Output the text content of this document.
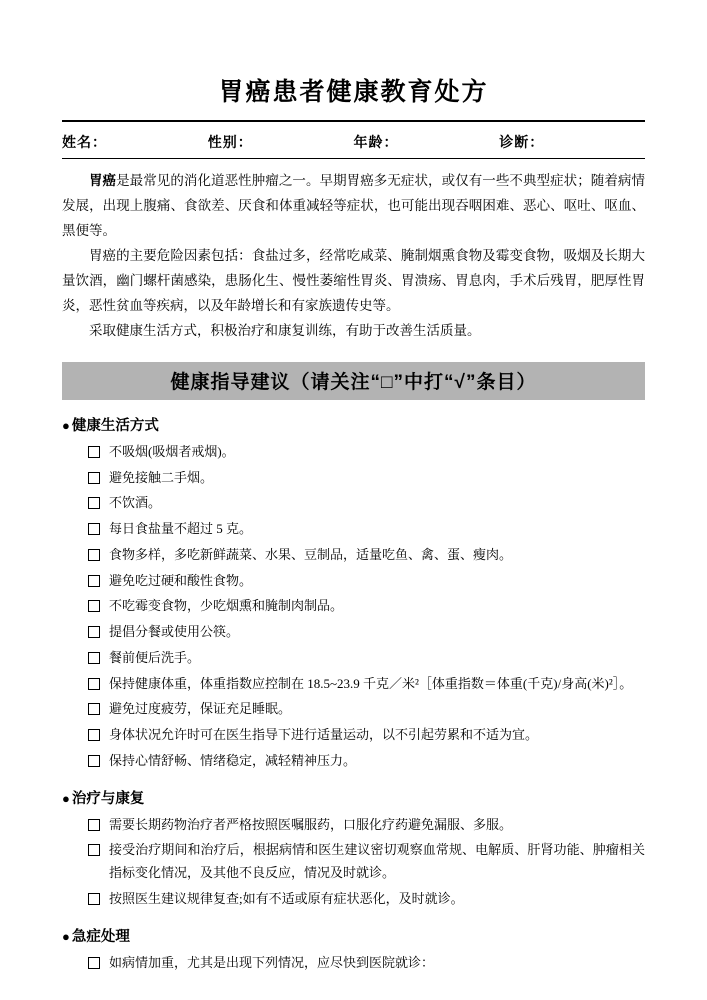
胃癌患者健康教育处方
姓名：	性别：	年龄：	诊断：

胃癌是最常见的消化道恶性肿瘤之一。早期胃癌多无症状，或仅有一些不典型症状；随着病情发展，出现上腹痛、食欲差、厌食和体重减轻等症状，也可能出现吞咽困难、恶心、呕吐、呕血、黑便等。

胃癌的主要危险因素包括：食盐过多，经常吃咸菜、腌制烟熏食物及霉变食物，吸烟及长期大量饮酒，幽门螺杆菌感染，患肠化生、慢性萎缩性胃炎、胃溃疡、胃息肉，手术后残胃，肥厚性胃炎，恶性贫血等疾病，以及年龄增长和有家族遗传史等。

采取健康生活方式，积极治疗和康复训练，有助于改善生活质量。

健康指导建议（请关注“□”中打“√”条目）
● 健康生活方式
不吸烟(吸烟者戒烟)。
避免接触二手烟。
不饮酒。
每日食盐量不超过 5 克。
食物多样，多吃新鲜蔬菜、水果、豆制品，适量吃鱼、禽、蛋、瘦肉。
避免吃过硬和酸性食物。
不吃霉变食物，少吃烟熏和腌制肉制品。
提倡分餐或使用公筷。
餐前便后洗手。
保持健康体重，体重指数应控制在 18.5~23.9 千克／米²［体重指数＝体重(千克)/身高(米)²］。
避免过度疲劳，保证充足睡眠。
身体状况允许时可在医生指导下进行适量运动，以不引起劳累和不适为宜。
保持心情舒畅、情绪稳定，减轻精神压力。
● 治疗与康复
需要长期药物治疗者严格按照医嘱服药，口服化疗药避免漏服、多服。
接受治疗期间和治疗后，根据病情和医生建议密切观察血常规、电解质、肝肾功能、肿瘤相关指标变化情况，及其他不良反应，情况及时就诊。
按照医生建议规律复查;如有不适或原有症状恶化，及时就诊。
● 急症处理
如病情加重，尤其是出现下列情况，应尽快到医院就诊：
